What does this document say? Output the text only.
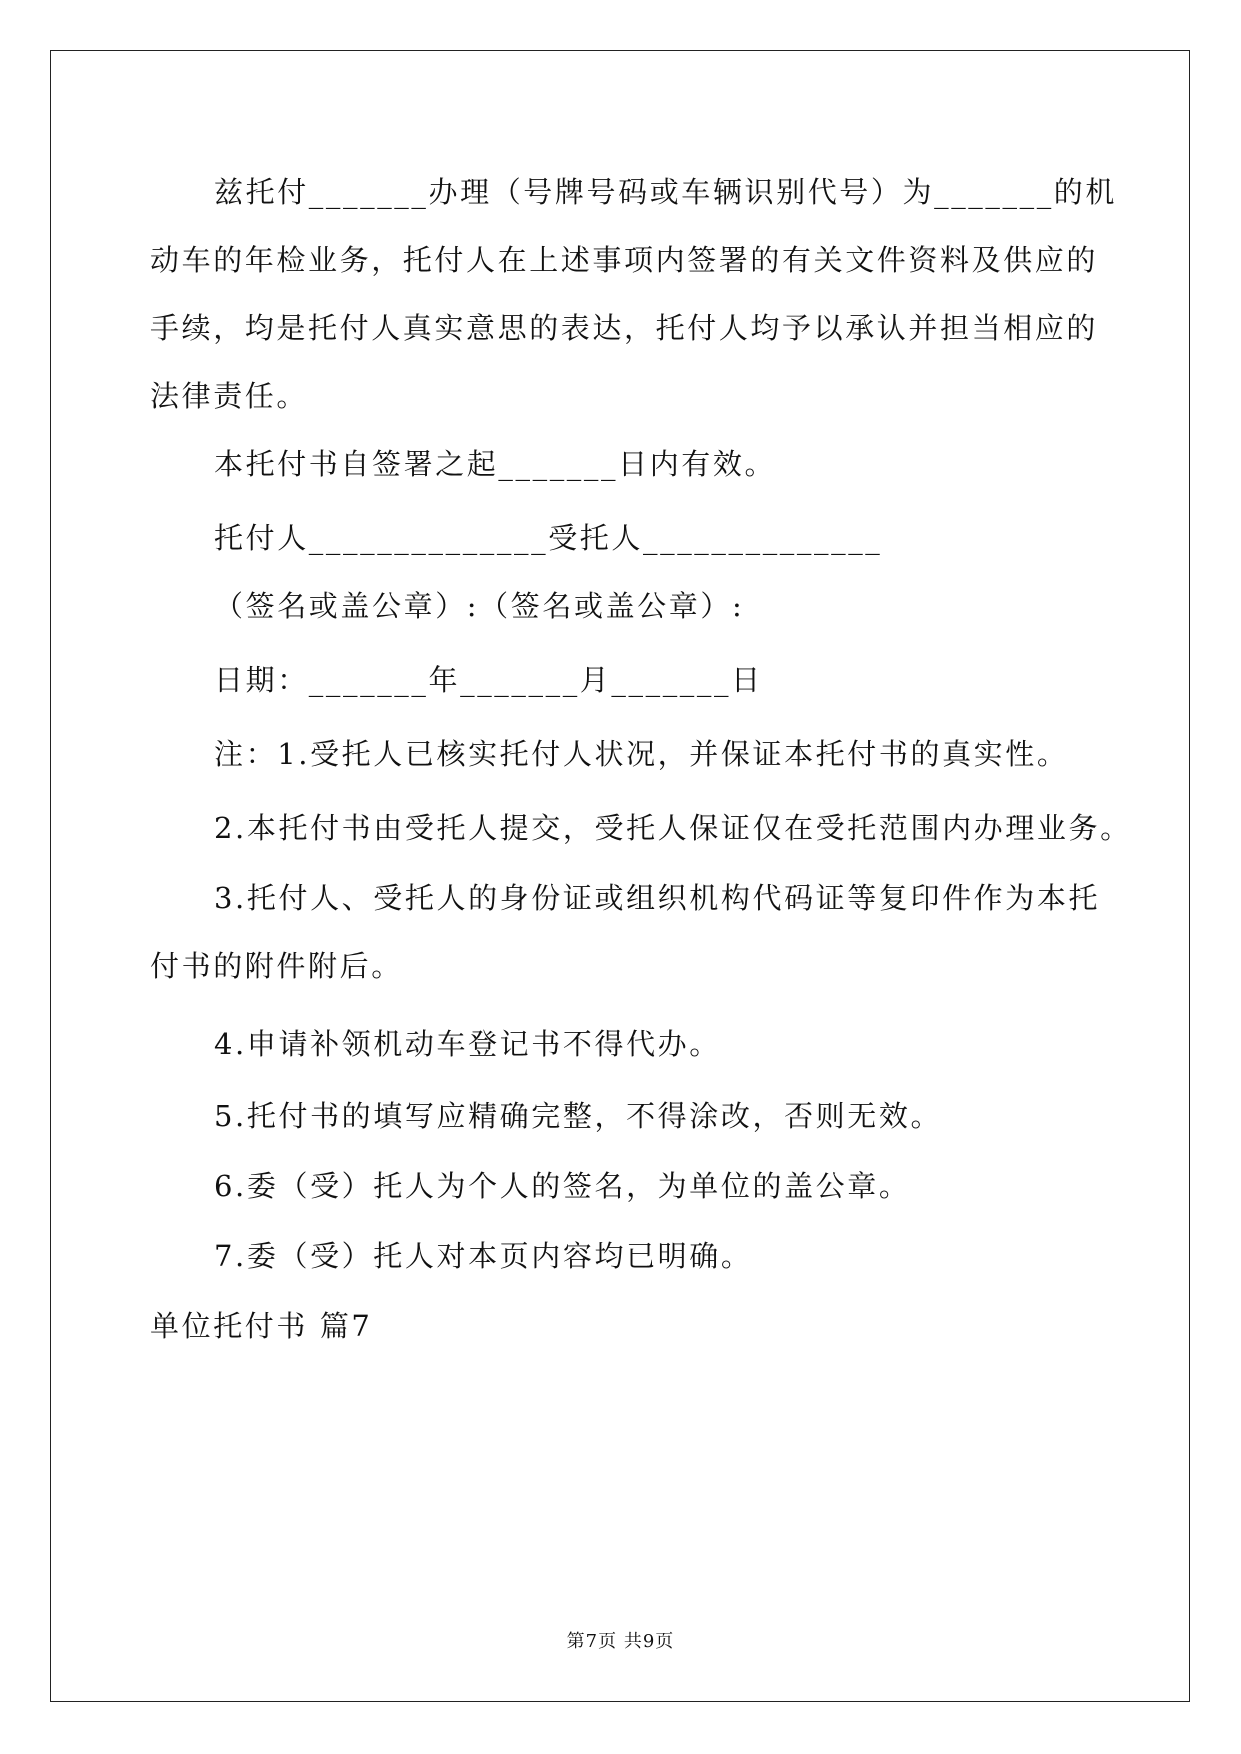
兹托付_______办理（号牌号码或车辆识别代号）为_______的机
动车的年检业务，托付人在上述事项内签署的有关文件资料及供应的
手续，均是托付人真实意思的表达，托付人均予以承认并担当相应的
法律责任。
本托付书自签署之起_______日内有效。
托付人______________受托人______________
（签名或盖公章）:（签名或盖公章）:
日期：_______年_______月_______日
注：1.受托人已核实托付人状况，并保证本托付书的真实性。
2.本托付书由受托人提交，受托人保证仅在受托范围内办理业务。
3.托付人、受托人的身份证或组织机构代码证等复印件作为本托
付书的附件附后。
4.申请补领机动车登记书不得代办。
5.托付书的填写应精确完整，不得涂改，否则无效。
6.委（受）托人为个人的签名，为单位的盖公章。
7.委（受）托人对本页内容均已明确。
单位托付书 篇7
第7页 共9页
